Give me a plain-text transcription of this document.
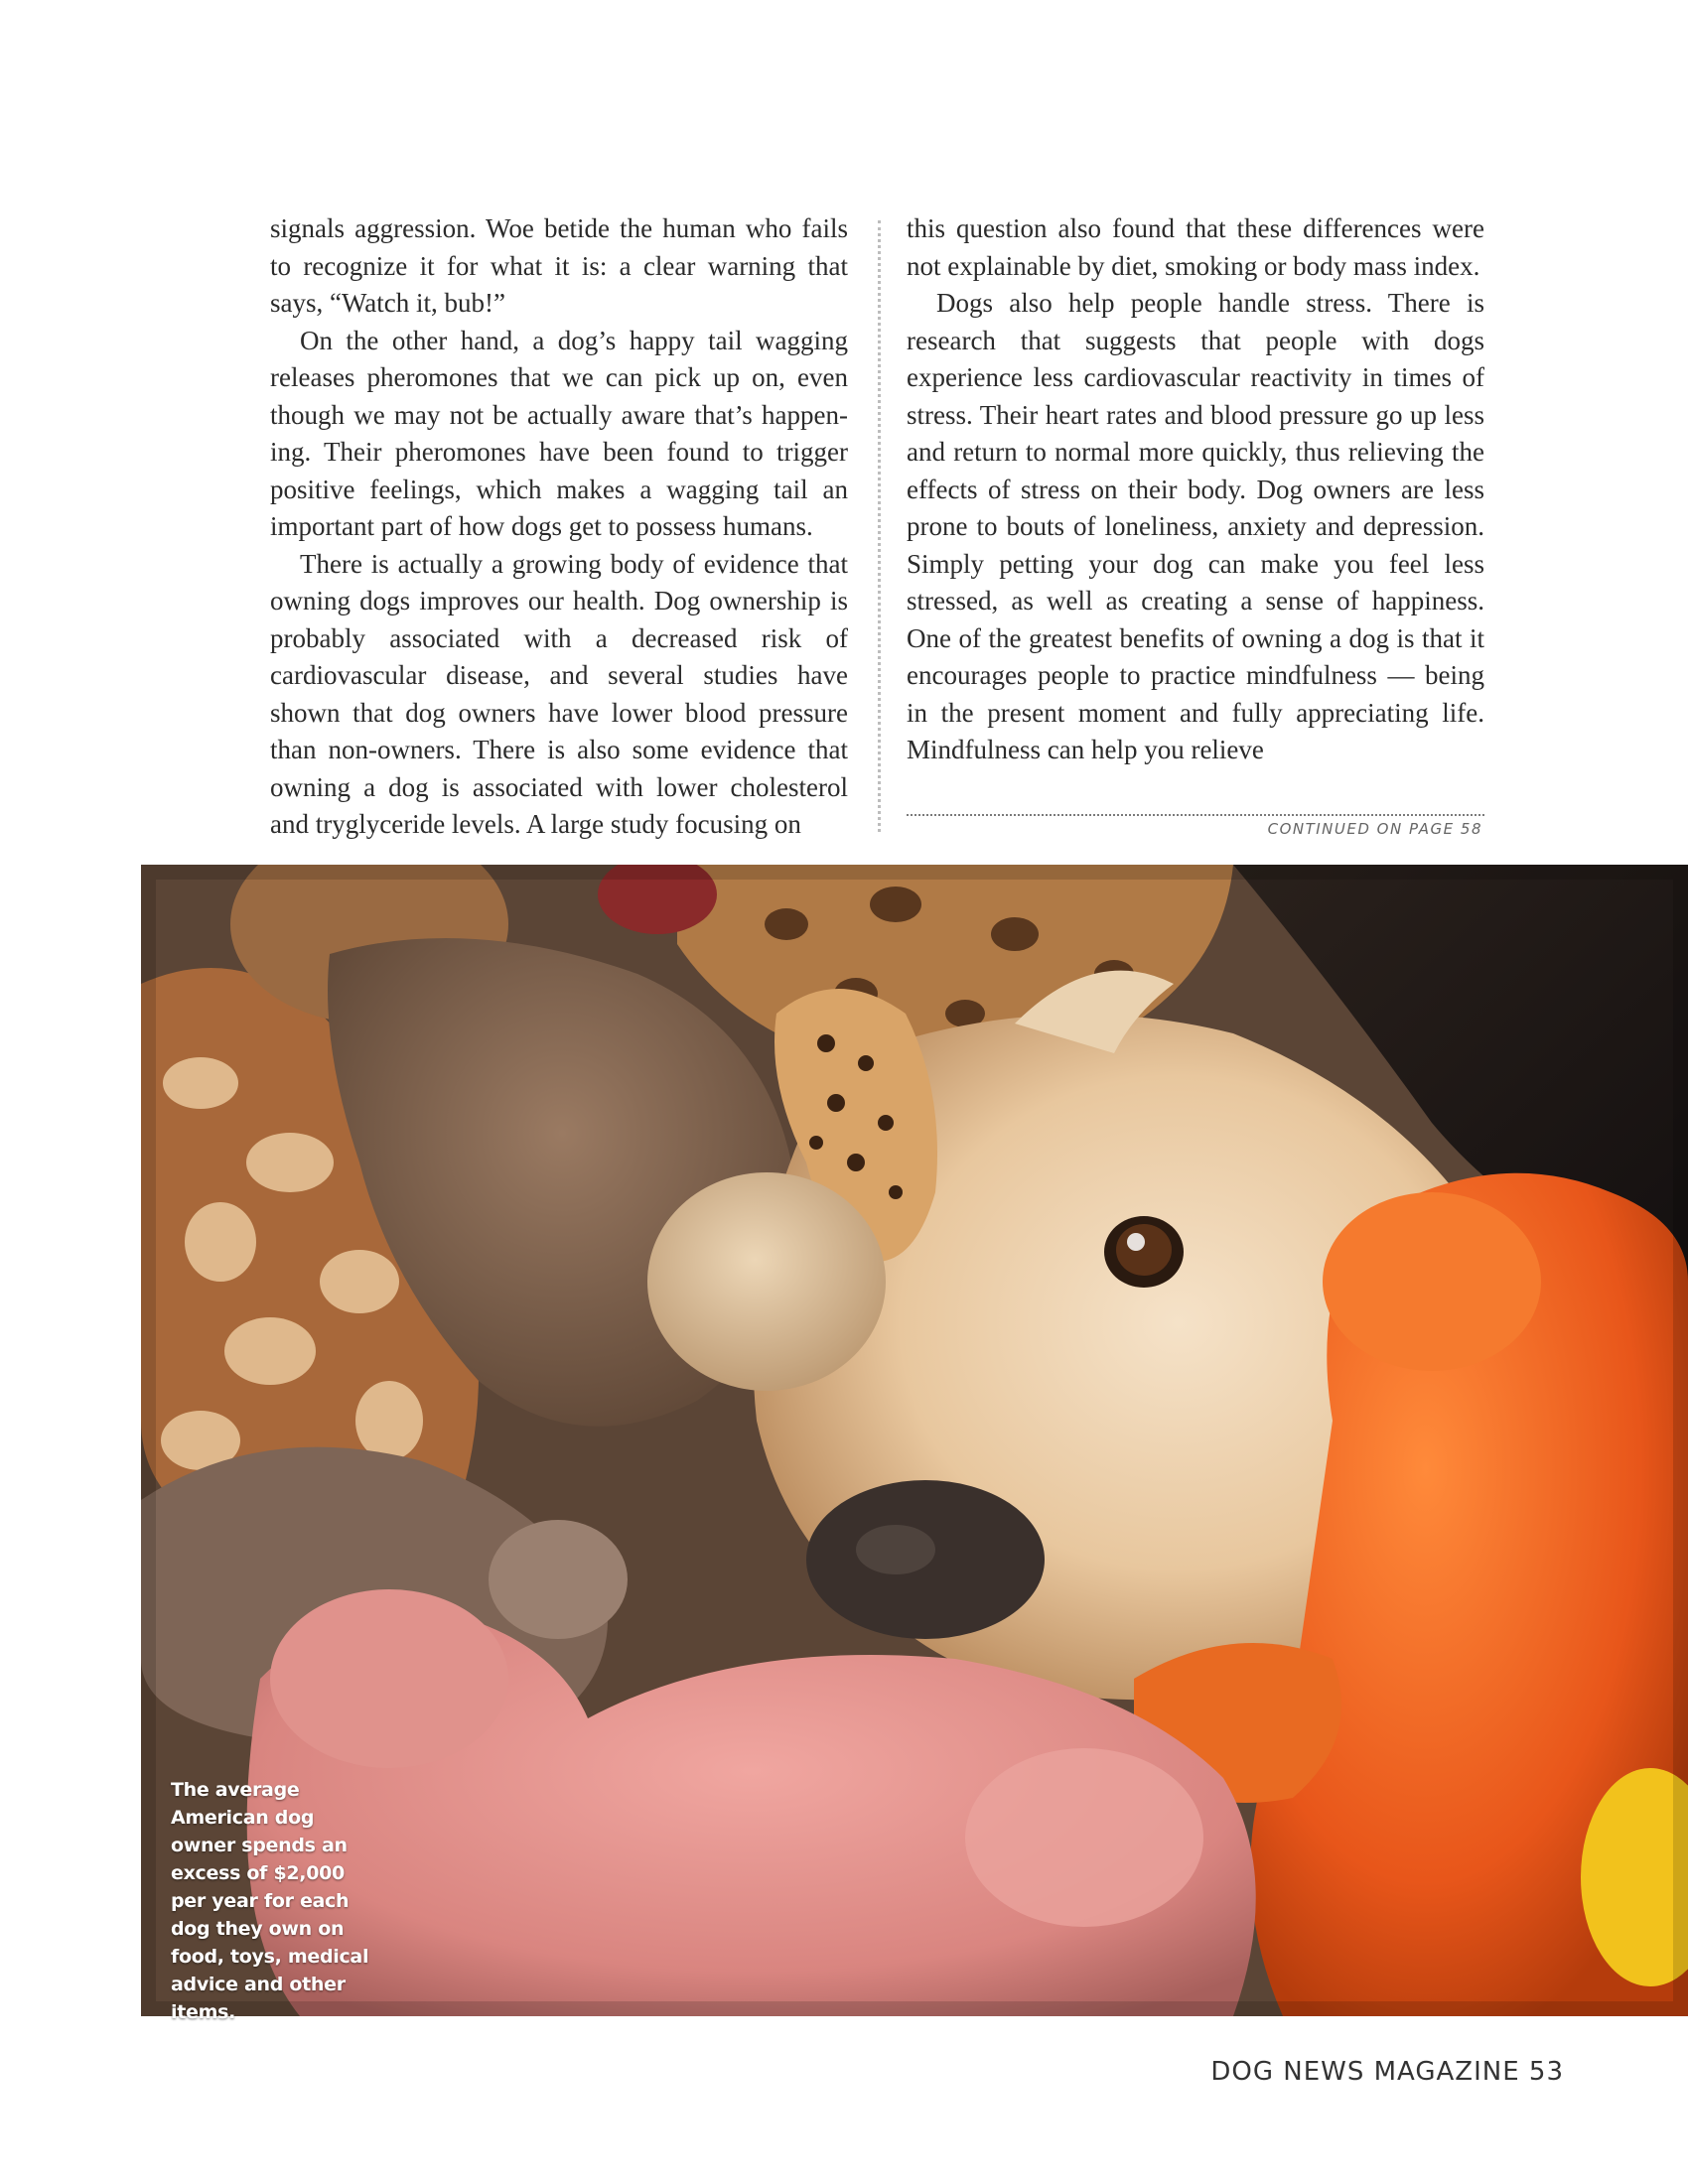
signals aggression. Woe betide the human who fails to recognize it for what it is: a clear warning that says, “Watch it, bub!”

On the other hand, a dog’s happy tail wagging releases pheromones that we can pick up on, even though we may not be actually aware that’s happening. Their pheromones have been found to trigger positive feelings, which makes a wagging tail an important part of how dogs get to possess humans.

There is actually a growing body of evidence that owning dogs improves our health. Dog ownership is probably associated with a decreased risk of cardiovascular disease, and several studies have shown that dog owners have lower blood pressure than non-owners. There is also some evidence that owning a dog is associated with lower cholesterol and tryglyceride levels. A large study focusing on

this question also found that these differences were not explainable by diet, smoking or body mass index.

Dogs also help people handle stress. There is research that suggests that people with dogs experience less cardiovascular reactivity in times of stress. Their heart rates and blood pressure go up less and return to normal more quickly, thus relieving the effects of stress on their body. Dog owners are less prone to bouts of loneliness, anxiety and depression. Simply petting your dog can make you feel less stressed, as well as creating a sense of happiness. One of the greatest benefits of owning a dog is that it encourages people to practice mindfulness — being in the present moment and fully appreciating life. Mindfulness can help you relieve

CONTINUED ON PAGE 58
The average American dog owner spends an excess of $2,000 per year for each dog they own on food, toys, medical advice and other items.
DOG NEWS MAGAZINE 53
